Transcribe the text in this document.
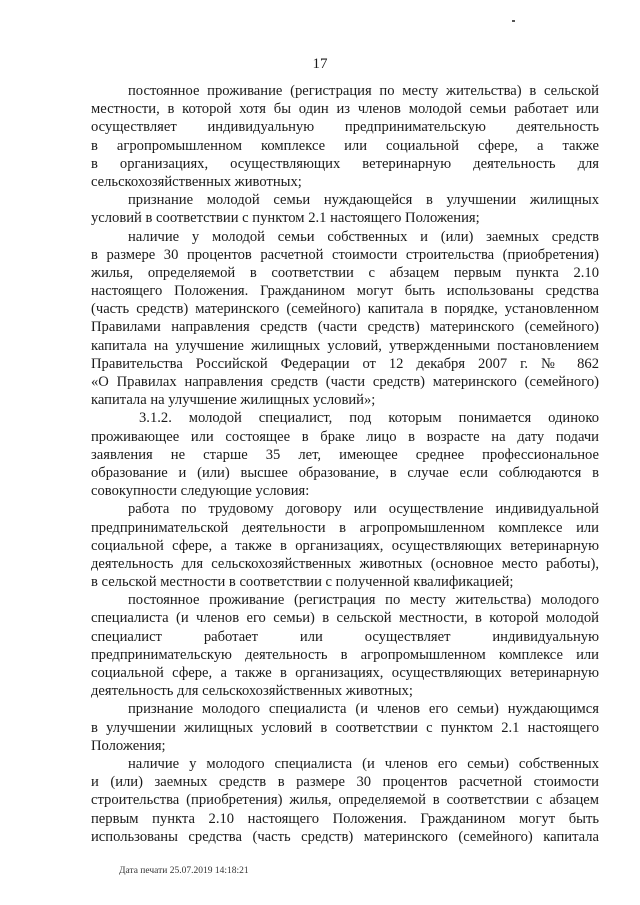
17
постоянное проживание (регистрация по месту жительства) в сельской
местности, в которой хотя бы один из членов молодой семьи работает или
осуществляет индивидуальную предпринимательскую деятельность
в агропромышленном комплексе или социальной сфере, а также
в организациях, осуществляющих ветеринарную деятельность для
сельскохозяйственных животных;
признание молодой семьи нуждающейся в улучшении жилищных
условий в соответствии с пунктом 2.1 настоящего Положения;
наличие у молодой семьи собственных и (или) заемных средств
в размере 30 процентов расчетной стоимости строительства (приобретения)
жилья, определяемой в соответствии с абзацем первым пункта 2.10
настоящего Положения. Гражданином могут быть использованы средства
(часть средств) материнского (семейного) капитала в порядке, установленном
Правилами направления средств (части средств) материнского (семейного)
капитала на улучшение жилищных условий, утвержденными постановлением
Правительства Российской Федерации от 12 декабря 2007 г. № 862
«О Правилах направления средств (части средств) материнского (семейного)
капитала на улучшение жилищных условий»;
3.1.2. молодой специалист, под которым понимается одиноко
проживающее или состоящее в браке лицо в возрасте на дату подачи
заявления не старше 35 лет, имеющее среднее профессиональное
образование и (или) высшее образование, в случае если соблюдаются в
совокупности следующие условия:
работа по трудовому договору или осуществление индивидуальной
предпринимательской деятельности в агропромышленном комплексе или
социальной сфере, а также в организациях, осуществляющих ветеринарную
деятельность для сельскохозяйственных животных (основное место работы),
в сельской местности в соответствии с полученной квалификацией;
постоянное проживание (регистрация по месту жительства) молодого
специалиста (и членов его семьи) в сельской местности, в которой молодой
специалист работает или осуществляет индивидуальную
предпринимательскую деятельность в агропромышленном комплексе или
социальной сфере, а также в организациях, осуществляющих ветеринарную
деятельность для сельскохозяйственных животных;
признание молодого специалиста (и членов его семьи) нуждающимся
в улучшении жилищных условий в соответствии с пунктом 2.1 настоящего
Положения;
наличие у молодого специалиста (и членов его семьи) собственных
и (или) заемных средств в размере 30 процентов расчетной стоимости
строительства (приобретения) жилья, определяемой в соответствии с абзацем
первым пункта 2.10 настоящего Положения. Гражданином могут быть
использованы средства (часть средств) материнского (семейного) капитала
Дата печати 25.07.2019 14:18:21
